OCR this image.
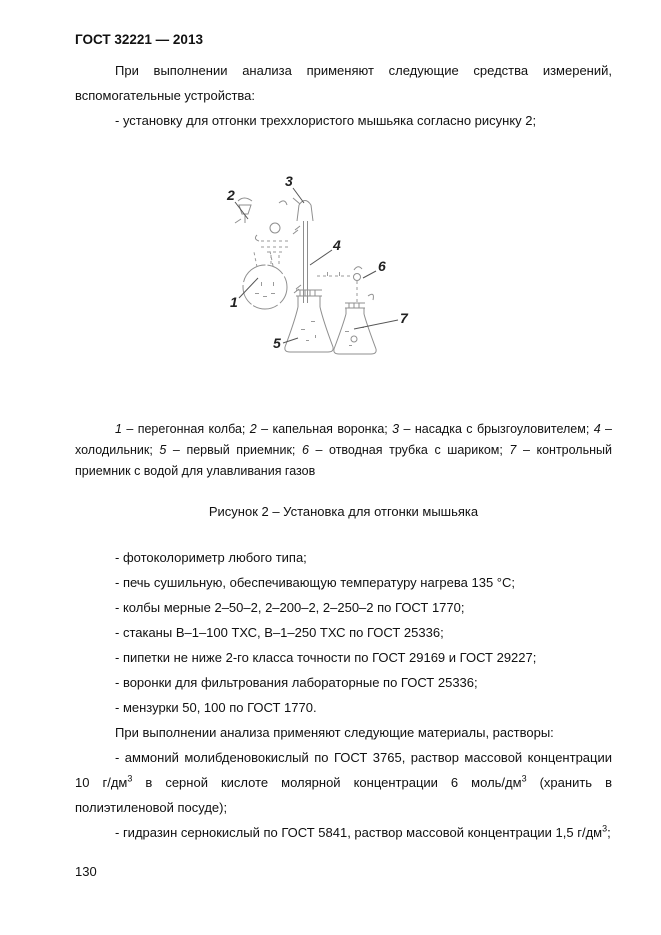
ГОСТ 32221 — 2013

При выполнении анализа применяют следующие средства измерений, вспомогательные устройства:

- установку для отгонки треххлористого мышьяка согласно рисунку 2;

1
2
3
4
5
6
7

1 – перегонная колба; 2 – капельная воронка; 3 – насадка с брызгоуловителем; 4 – холодильник; 5 – первый приемник; 6 – отводная трубка с шариком; 7 – контрольный приемник с водой для улавливания газов

Рисунок 2 – Установка для отгонки мышьяка

- фотоколориметр любого типа;

- печь сушильную, обеспечивающую температуру нагрева 135 °С;

- колбы мерные 2–50–2, 2–200–2, 2–250–2 по ГОСТ 1770;

- стаканы В–1–100 ТХС, В–1–250 ТХС по ГОСТ 25336;

- пипетки не ниже 2-го класса точности по ГОСТ 29169 и ГОСТ 29227;

- воронки для фильтрования лабораторные по ГОСТ 25336;

- мензурки 50, 100 по ГОСТ 1770.

При выполнении анализа применяют следующие материалы, растворы:

- аммоний молибденовокислый по ГОСТ 3765, раствор массовой концентрации 10 $г/дм^3$ в серной кислоте молярной концентрации 6 моль/$дм^3$ (хранить в полиэтиленовой посуде);

- гидразин сернокислый по ГОСТ 5841, раствор массовой концентрации 1,5 $г/дм^3$;

130
